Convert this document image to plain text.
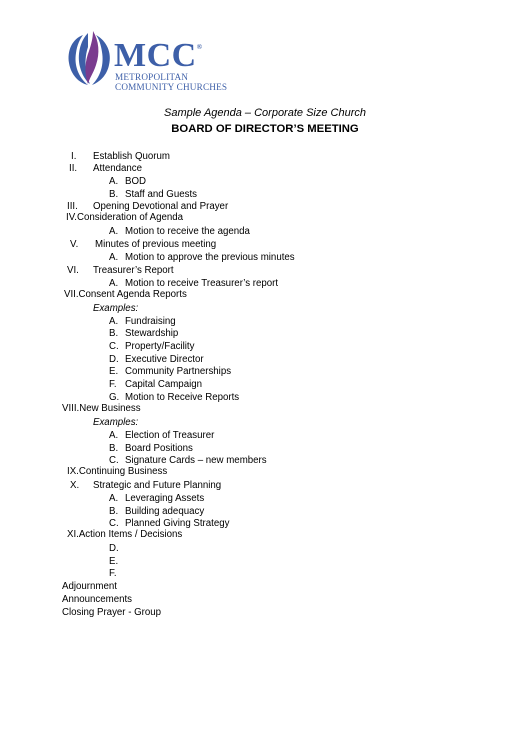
MCC®
METROPOLITAN
COMMUNITY CHURCHES
Sample Agenda – Corporate Size Church
BOARD OF DIRECTOR’S MEETING
I. Establish Quorum
II. Attendance
A. BOD
B. Staff and Guests
III. Opening Devotional and Prayer
IV.Consideration of Agenda
A. Motion to receive the agenda
V. Minutes of previous meeting
A. Motion to approve the previous minutes
VI. Treasurer’s Report
A. Motion to receive Treasurer’s report
VII.Consent Agenda Reports
Examples:
A. Fundraising
B. Stewardship
C. Property/Facility
D. Executive Director
E. Community Partnerships
F. Capital Campaign
G. Motion to Receive Reports
VIII.New Business
Examples:
A. Election of Treasurer
B. Board Positions
C. Signature Cards – new members
IX.Continuing Business
X. Strategic and Future Planning
A. Leveraging Assets
B. Building adequacy
C. Planned Giving Strategy
XI.Action Items / Decisions
D.
E.
F.
Adjournment
Announcements
Closing Prayer - Group
